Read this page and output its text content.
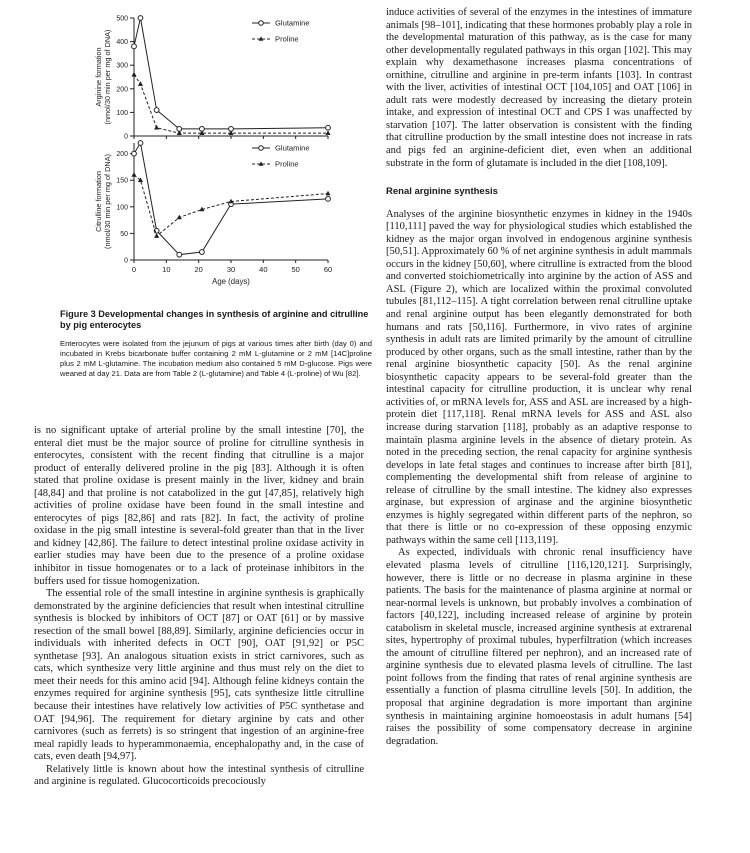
0
100
200
300
400
500
Arginine formation (nmol/30 min per mg of DNA)
Glutamine
Proline
0
50
100
150
200
0	10	20	30	40	50	60
Citrulline formation (nmol/30 min per mg of DNA)
Glutamine
Proline
Age (days)

Figure 3 Developmental changes in synthesis of arginine and citrulline by pig enterocytes

Enterocytes were isolated from the jejunum of pigs at various times after birth (day 0) and incubated in Krebs bicarbonate buffer containing 2 mM L-glutamine or 2 mM [14C]proline plus 2 mM L-glutamine. The incubation medium also contained 5 mM D-glucose. Pigs were weaned at day 21. Data are from Table 2 (L-glutamine) and Table 4 (L-proline) of Wu [82].

is no significant uptake of arterial proline by the small intestine [70], the enteral diet must be the major source of proline for citrulline synthesis in enterocytes, consistent with the recent finding that citrulline is a major product of enterally delivered proline in the pig [83]. Although it is often stated that proline oxidase is present mainly in the liver, kidney and brain [48,84] and that proline is not catabolized in the gut [47,85], relatively high activities of proline oxidase have been found in the small intestine and enterocytes of pigs [82,86] and rats [82]. In fact, the activity of proline oxidase in the pig small intestine is several-fold greater than that in the liver and kidney [42,86]. The failure to detect intestinal proline oxidase activity in earlier studies may have been due to the presence of a proline oxidase inhibitor in tissue homogenates or to a lack of proteinase inhibitors in the buffers used for tissue homogenization.

The essential role of the small intestine in arginine synthesis is graphically demonstrated by the arginine deficiencies that result when intestinal citrulline synthesis is blocked by inhibitors of OCT [87] or OAT [61] or by massive resection of the small bowel [88,89]. Similarly, arginine deficiencies occur in individuals with inherited defects in OCT [90], OAT [91,92] or P5C synthetase [93]. An analogous situation exists in strict carnivores, such as cats, which synthesize very little arginine and thus must rely on the diet to meet their needs for this amino acid [94]. Although feline kidneys contain the enzymes required for arginine synthesis [95], cats synthesize little citrulline because their intestines have relatively low activities of P5C synthetase and OAT [94,96]. The requirement for dietary arginine by cats and other carnivores (such as ferrets) is so stringent that ingestion of an arginine-free meal rapidly leads to hyperammonaemia, encephalopathy and, in the case of cats, even death [94,97].

Relatively little is known about how the intestinal synthesis of citrulline and arginine is regulated. Glucocorticoids precociously

induce activities of several of the enzymes in the intestines of immature animals [98–101], indicating that these hormones probably play a role in the developmental maturation of this pathway, as is the case for many other developmentally regulated pathways in this organ [102]. This may explain why dexamethasone increases plasma concentrations of ornithine, citrulline and arginine in pre-term infants [103]. In contrast with the liver, activities of intestinal OCT [104,105] and OAT [106] in adult rats were modestly decreased by increasing the dietary protein intake, and expression of intestinal OCT and CPS I was unaffected by starvation [107]. The latter observation is consistent with the finding that citrulline production by the small intestine does not increase in rats and pigs fed an arginine-deficient diet, even when an additional substrate in the form of glutamate is included in the diet [108,109].

Renal arginine synthesis

Analyses of the arginine biosynthetic enzymes in kidney in the 1940s [110,111] paved the way for physiological studies which established the kidney as the major organ involved in endogenous arginine synthesis [50,51]. Approximately 60 % of net arginine synthesis in adult mammals occurs in the kidney [50,60], where citrulline is extracted from the blood and converted stoichiometrically into arginine by the action of ASS and ASL (Figure 2), which are localized within the proximal convoluted tubules [81,112–115]. A tight correlation between renal citrulline uptake and renal arginine output has been elegantly demonstrated for both humans and rats [50,116]. Furthermore, in vivo rates of arginine synthesis in adult rats are limited primarily by the amount of citrulline produced by other organs, such as the small intestine, rather than by the renal arginine biosynthetic capacity [50]. As the renal arginine biosynthetic capacity appears to be several-fold greater than the intestinal capacity for citrulline production, it is unclear why renal activities of, or mRNA levels for, ASS and ASL are increased by a high-protein diet [117,118]. Renal mRNA levels for ASS and ASL also increase during starvation [118], probably as an adaptive response to maintain plasma arginine levels in the absence of dietary protein. As noted in the preceding section, the renal capacity for arginine synthesis develops in late fetal stages and continues to increase after birth [81], complementing the developmental shift from release of arginine to release of citrulline by the small intestine. The kidney also expresses arginase, but expression of arginase and the arginine biosynthetic enzymes is highly segregated within different parts of the nephron, so that there is little or no co-expression of these opposing enzymic pathways within the same cell [113,119].

As expected, individuals with chronic renal insufficiency have elevated plasma levels of citrulline [116,120,121]. Surprisingly, however, there is little or no decrease in plasma arginine in these patients. The basis for the maintenance of plasma arginine at normal or near-normal levels is unknown, but probably involves a combination of factors [40,122], including increased release of arginine by protein catabolism in skeletal muscle, increased arginine synthesis at extrarenal sites, hypertrophy of proximal tubules, hyperfiltration (which increases the amount of citrulline filtered per nephron), and an increased rate of arginine synthesis due to elevated plasma levels of citrulline. The last point follows from the finding that rates of renal arginine synthesis are essentially a function of plasma citrulline levels [50]. In addition, the proposal that arginine degradation is more important than arginine synthesis in maintaining arginine homoeostasis in adult humans [54] raises the possibility of some compensatory decrease in arginine degradation.
